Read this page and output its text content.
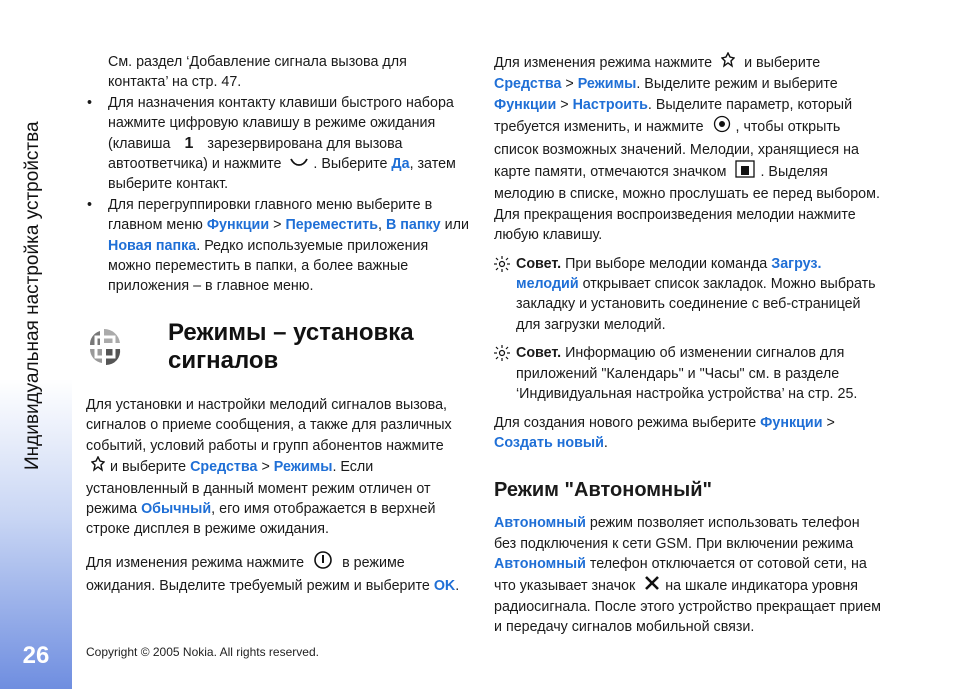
Индивидуальная настройка устройства
26

См. раздел ‘Добавление сигнала вызова для контакта’ на стр. 47.

• Для назначения контакту клавиши быстрого набора нажмите цифровую клавишу в режиме ожидания (клавиша 1 зарезервирована для вызова автоответчика) и нажмите . Выберите Да, затем выберите контакт.

• Для перегруппировки главного меню выберите в главном меню Функции > Переместить, В папку или Новая папка. Редко используемые приложения можно переместить в папки, а более важные приложения – в главное меню.

Режимы – установка сигналов

Для установки и настройки мелодий сигналов вызова, сигналов о приеме сообщения, а также для различных событий, условий работы и групп абонентов нажмите
и выберите Средства > Режимы. Если установленный в данный момент режим отличен от режима Обычный, его имя отображается в верхней строке дисплея в режиме ожидания.

Для изменения режима нажмите	в режиме ожидания. Выделите требуемый режим и выберите OK.

Для изменения режима нажмите и выберите Средства > Режимы. Выделите режим и выберите Функции > Настроить. Выделите параметр, который требуется изменить, и нажмите , чтобы открыть список возможных значений. Мелодии, хранящиеся на карте памяти, отмечаются значком . Выделяя мелодию в списке, можно прослушать ее перед выбором. Для прекращения воспроизведения мелодии нажмите любую клавишу.

Совет. При выборе мелодии команда Загруз. мелодий открывает список закладок. Можно выбрать закладку и установить соединение с веб-страницей для загрузки мелодий.

Совет. Информацию об изменении сигналов для приложений "Календарь" и "Часы" см. в разделе ‘Индивидуальная настройка устройства’ на стр. 25.

Для создания нового режима выберите Функции > Создать новый.

Режим "Автономный"

Автономный режим позволяет использовать телефон без подключения к сети GSM. При включении режима Автономный телефон отключается от сотовой сети, на что указывает значок на шкале индикатора уровня радиосигнала. После этого устройство прекращает прием и передачу сигналов мобильной связи.

Copyright © 2005 Nokia. All rights reserved.
